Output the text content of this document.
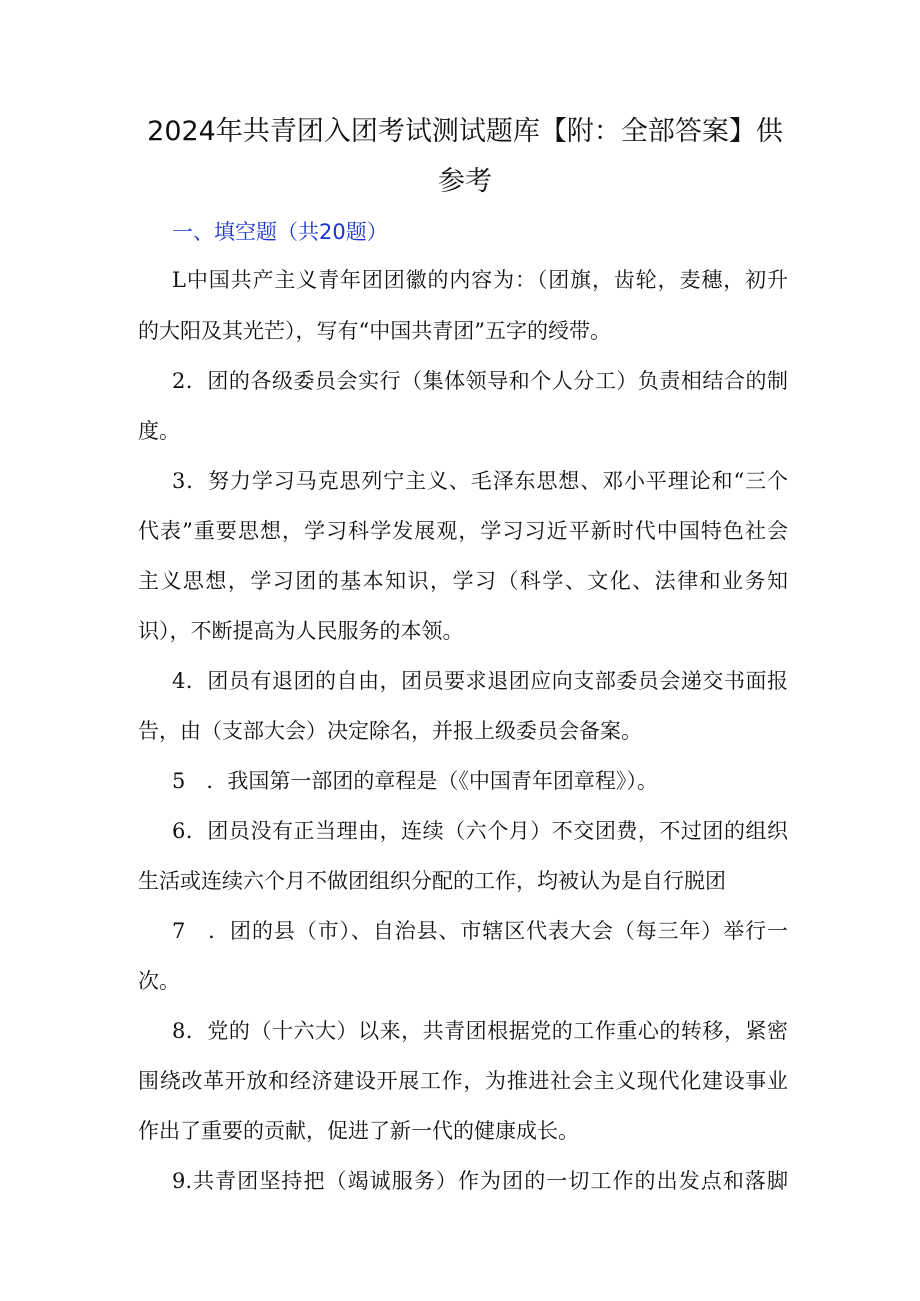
2024年共青团入团考试测试题库【附：全部答案】供
参考
一、填空题（共20题）
L中国共产主义青年团团徽的内容为：（团旗，齿轮，麦穗，初升
的大阳及其光芒），写有“中国共青团”五字的绶带。
2．团的各级委员会实行（集体领导和个人分工）负责相结合的制
度。
3．努力学习马克思列宁主义、毛泽东思想、邓小平理论和“三个
代表”重要思想，学习科学发展观，学习习近平新时代中国特色社会
主义思想，学习团的基本知识，学习（科学、文化、法律和业务知
识），不断提高为人民服务的本领。
4．团员有退团的自由，团员要求退团应向支部委员会递交书面报
告，由（支部大会）决定除名，并报上级委员会备案。
5　．我国第一部团的章程是（《中国青年团章程》）。
6．团员没有正当理由，连续（六个月）不交团费，不过团的组织
生活或连续六个月不做团组织分配的工作，均被认为是自行脱团
7　．团的县（市）、自治县、市辖区代表大会（每三年）举行一
次。
8．党的（十六大）以来，共青团根据党的工作重心的转移，紧密
围绕改革开放和经济建设开展工作，为推进社会主义现代化建设事业
作出了重要的贡献，促进了新一代的健康成长。
9.共青团坚持把（竭诚服务）作为团的一切工作的出发点和落脚
